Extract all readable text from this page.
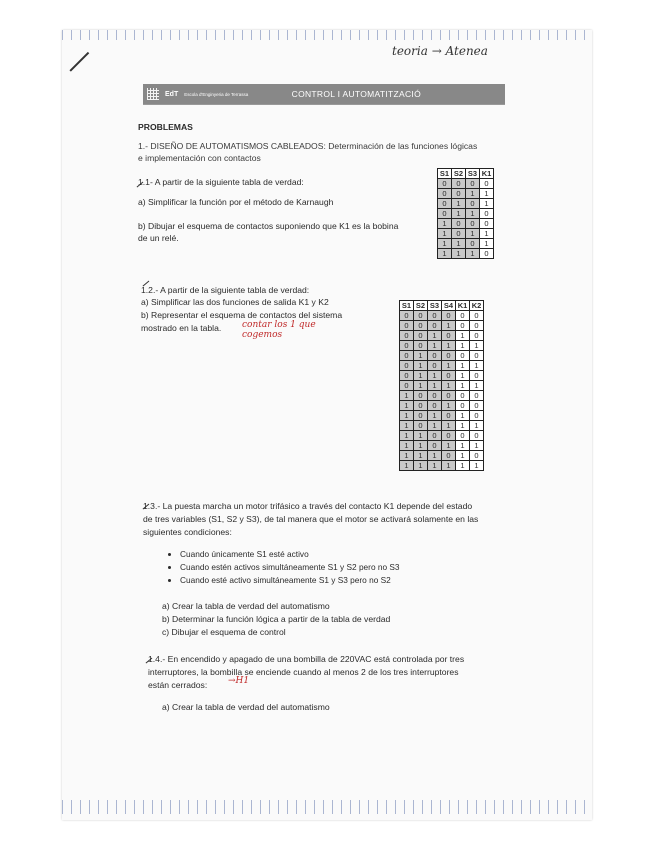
teoria → Atenea
EdT Escola d'Enginyeria de Terrassa	CONTROL I AUTOMATITZACIÓ
PROBLEMAS
1.- DISEÑO DE AUTOMATISMOS CABLEADOS: Determinación de las funciones lógicas
e implementación con contactos
1.1- A partir de la siguiente tabla de verdad:
a) Simplificar la función por el método de Karnaugh
b) Dibujar el esquema de contactos suponiendo que K1 es la bobina
de un relé.
S1	S2	S3	K1
0	0	0	0
0	0	1	1
0	1	0	1
0	1	1	0
1	0	0	0
1	0	1	1
1	1	0	1
1	1	1	0
1.2.- A partir de la siguiente tabla de verdad:
a) Simplificar las dos funciones de salida K1 y K2
b) Representar el esquema de contactos del sistema
mostrado en la tabla. contar los 1 que cogemos
S1	S2	S3	S4	K1	K2
0	0	0	0	0	0
0	0	0	1	0	0
0	0	1	0	1	0
0	0	1	1	1	1
0	1	0	0	0	0
0	1	0	1	1	1
0	1	1	0	1	0
0	1	1	1	1	1
1	0	0	0	0	0
1	0	0	1	0	0
1	0	1	0	1	0
1	0	1	1	1	1
1	1	0	0	0	0
1	1	0	1	1	1
1	1	1	0	1	0
1	1	1	1	1	1
1.3.- La puesta marcha un motor trifásico a través del contacto K1 depende del estado
de tres variables (S1, S2 y S3), de tal manera que el motor se activará solamente en las
siguientes condiciones:
• Cuando únicamente S1 esté activo
• Cuando estén activos simultáneamente S1 y S2 pero no S3
• Cuando esté activo simultáneamente S1 y S3 pero no S2
a) Crear la tabla de verdad del automatismo
b) Determinar la función lógica a partir de la tabla de verdad
c) Dibujar el esquema de control
1.4.- En encendido y apagado de una bombilla de 220VAC está controlada por tres
interruptores, la bombilla se enciende cuando al menos 2 de los tres interruptores
están cerrados: →H1
a) Crear la tabla de verdad del automatismo
